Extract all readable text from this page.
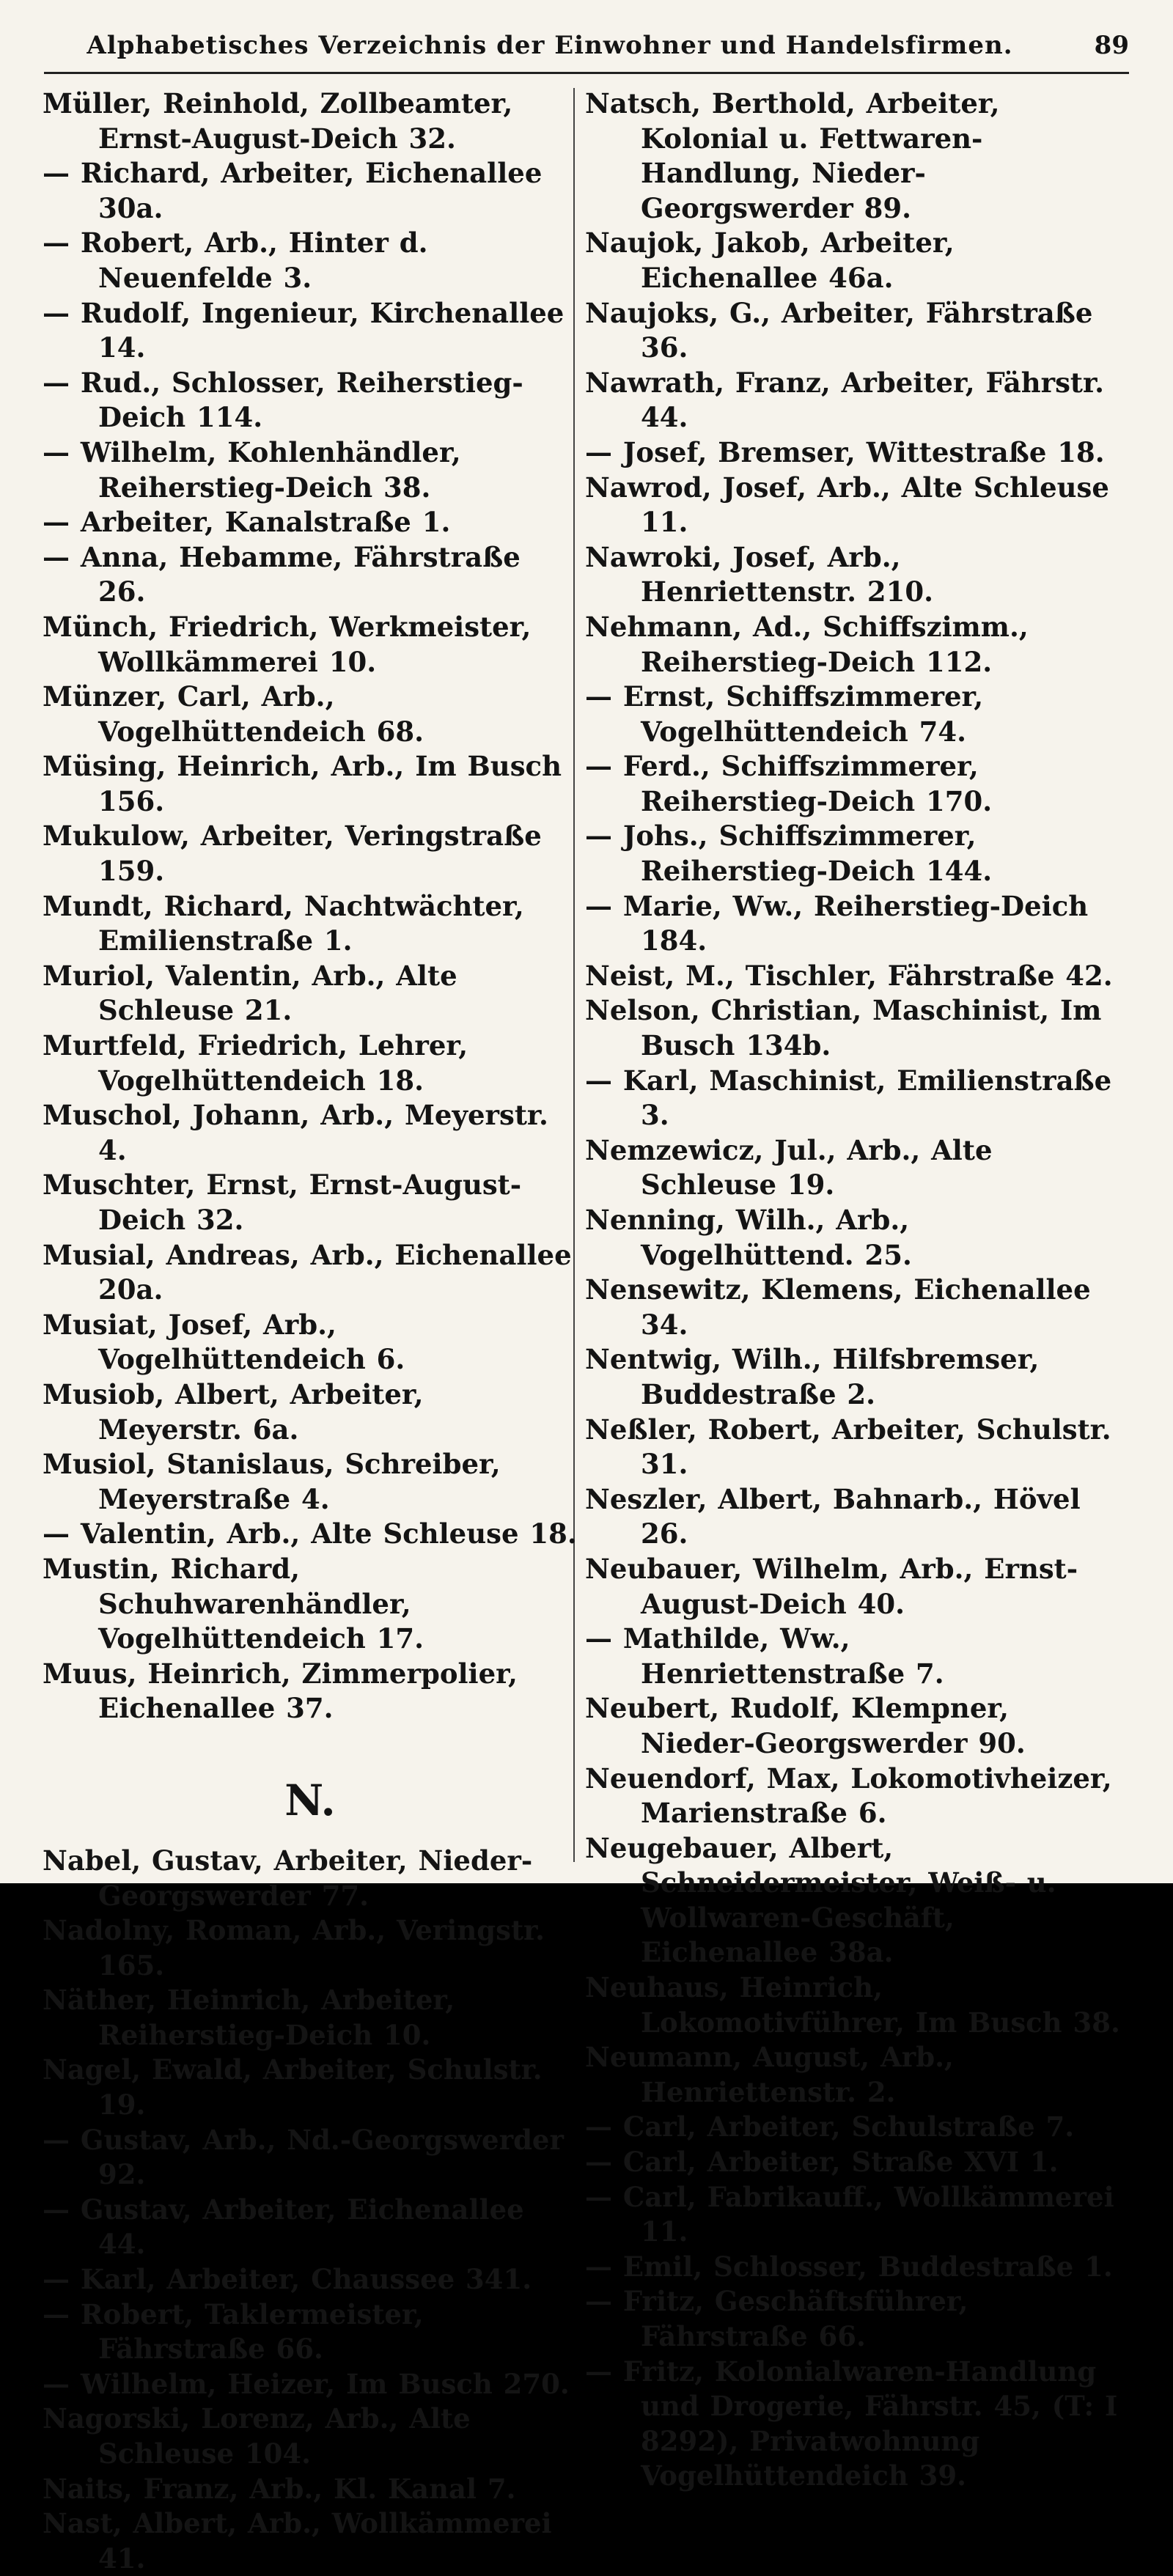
Alphabetisches Verzeichnis der Einwohner und Handelsfirmen.	89
Müller, Reinhold, Zollbeamter, Ernst-August-Deich 32.
— Richard, Arbeiter, Eichenallee 30a.
— Robert, Arb., Hinter d. Neuenfelde 3.
— Rudolf, Ingenieur, Kirchenallee 14.
— Rud., Schlosser, Reiherstieg-Deich 114.
— Wilhelm, Kohlenhändler, Reiherstieg-Deich 38.
— Arbeiter, Kanalstraße 1.
— Anna, Hebamme, Fährstraße 26.
Münch, Friedrich, Werkmeister, Wollkämmerei 10.
Münzer, Carl, Arb., Vogelhüttendeich 68.
Müsing, Heinrich, Arb., Im Busch 156.
Mukulow, Arbeiter, Veringstraße 159.
Mundt, Richard, Nachtwächter, Emilienstraße 1.
Muriol, Valentin, Arb., Alte Schleuse 21.
Murtfeld, Friedrich, Lehrer, Vogelhüttendeich 18.
Muschol, Johann, Arb., Meyerstr. 4.
Muschter, Ernst, Ernst-August-Deich 32.
Musial, Andreas, Arb., Eichenallee 20a.
Musiat, Josef, Arb., Vogelhüttendeich 6.
Musiob, Albert, Arbeiter, Meyerstr. 6a.
Musiol, Stanislaus, Schreiber, Meyerstraße 4.
— Valentin, Arb., Alte Schleuse 18.
Mustin, Richard, Schuhwarenhändler, Vogelhüttendeich 17.
Muus, Heinrich, Zimmerpolier, Eichenallee 37.
N.
Nabel, Gustav, Arbeiter, Nieder-Georgswerder 77.
Nadolny, Roman, Arb., Veringstr. 165.
Näther, Heinrich, Arbeiter, Reiherstieg-Deich 10.
Nagel, Ewald, Arbeiter, Schulstr. 19.
— Gustav, Arb., Nd.-Georgswerder 92.
— Gustav, Arbeiter, Eichenallee 44.
— Karl, Arbeiter, Chaussee 341.
— Robert, Taklermeister, Fährstraße 66.
— Wilhelm, Heizer, Im Busch 270.
Nagorski, Lorenz, Arb., Alte Schleuse 104.
Naits, Franz, Arb., Kl. Kanal 7.
Nast, Albert, Arb., Wollkämmerei 41.
Natsch, Berthold, Arbeiter, Kolonial u. Fettwaren-Handlung, Nieder-Georgswerder 89.
Naujok, Jakob, Arbeiter, Eichenallee 46a.
Naujoks, G., Arbeiter, Fährstraße 36.
Nawrath, Franz, Arbeiter, Fährstr. 44.
— Josef, Bremser, Wittestraße 18.
Nawrod, Josef, Arb., Alte Schleuse 11.
Nawroki, Josef, Arb., Henriettenstr. 210.
Nehmann, Ad., Schiffszimm., Reiherstieg-Deich 112.
— Ernst, Schiffszimmerer, Vogelhüttendeich 74.
— Ferd., Schiffszimmerer, Reiherstieg-Deich 170.
— Johs., Schiffszimmerer, Reiherstieg-Deich 144.
— Marie, Ww., Reiherstieg-Deich 184.
Neist, M., Tischler, Fährstraße 42.
Nelson, Christian, Maschinist, Im Busch 134b.
— Karl, Maschinist, Emilienstraße 3.
Nemzewicz, Jul., Arb., Alte Schleuse 19.
Nenning, Wilh., Arb., Vogelhüttend. 25.
Nensewitz, Klemens, Eichenallee 34.
Nentwig, Wilh., Hilfsbremser, Buddestraße 2.
Neßler, Robert, Arbeiter, Schulstr. 31.
Neszler, Albert, Bahnarb., Hövel 26.
Neubauer, Wilhelm, Arb., Ernst-August-Deich 40.
— Mathilde, Ww., Henriettenstraße 7.
Neubert, Rudolf, Klempner, Nieder-Georgswerder 90.
Neuendorf, Max, Lokomotivheizer, Marienstraße 6.
Neugebauer, Albert, Schneidermeister, Weiß- u. Wollwaren-Geschäft, Eichenallee 38a.
Neuhaus, Heinrich, Lokomotivführer, Im Busch 38.
Neumann, August, Arb., Henriettenstr. 2.
— Carl, Arbeiter, Schulstraße 7.
— Carl, Arbeiter, Straße XVI 1.
— Carl, Fabrikauff., Wollkämmerei 11.
— Emil, Schlosser, Buddestraße 1.
— Fritz, Geschäftsführer, Fährstraße 66.
— Fritz, Kolonialwaren-Handlung und Drogerie, Fährstr. 45, (T: I 8292), Privatwohnung Vogelhüttendeich 39.
